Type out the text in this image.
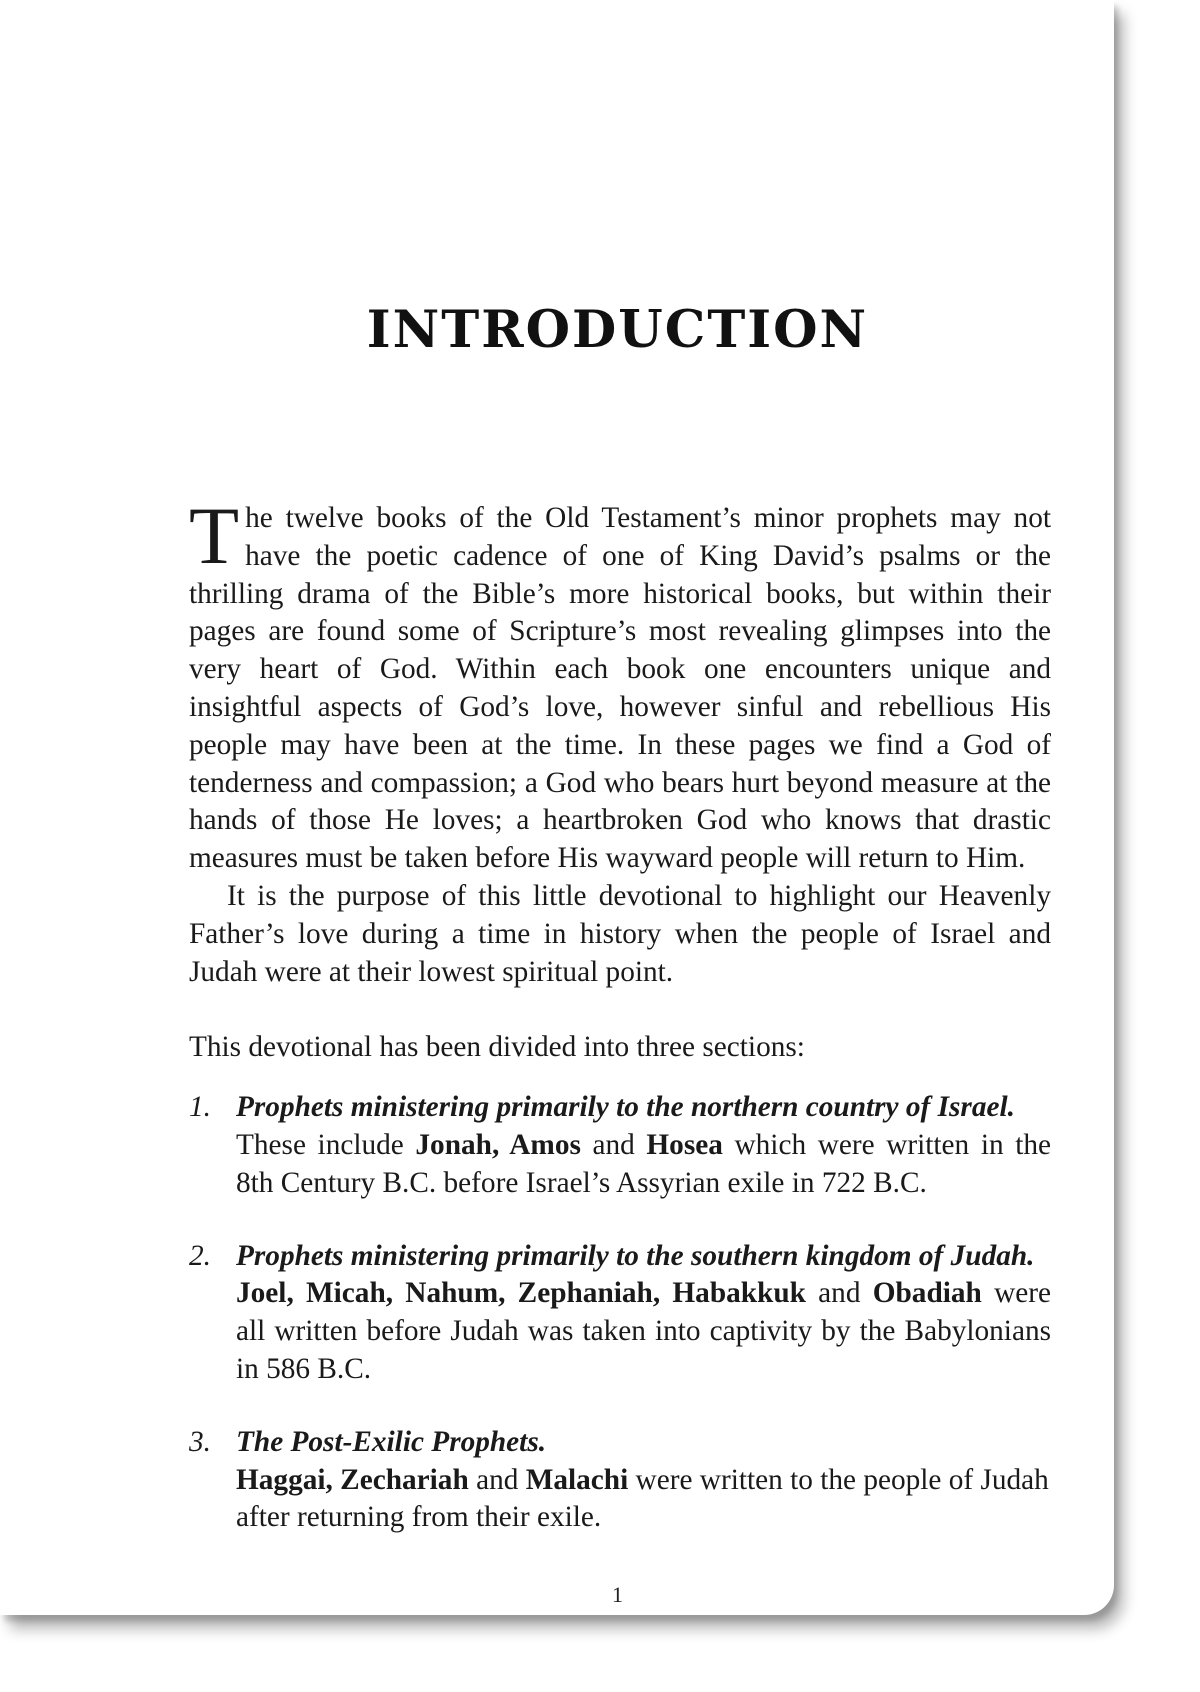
INTRODUCTION

The twelve books of the Old Testament’s minor prophets may not have the poetic cadence of one of King David’s psalms or the thrilling drama of the Bible’s more historical books, but within their pages are found some of Scripture’s most revealing glimpses into the very heart of God. Within each book one encounters unique and insightful aspects of God’s love, however sinful and rebellious His people may have been at the time. In these pages we find a God of tenderness and compassion; a God who bears hurt beyond measure at the hands of those He loves; a heartbroken God who knows that drastic measures must be taken before His wayward people will return to Him.

It is the purpose of this little devotional to highlight our Heavenly Father’s love during a time in history when the people of Israel and Judah were at their lowest spiritual point.

This devotional has been divided into three sections:

1. Prophets ministering primarily to the northern country of Israel.
These include Jonah, Amos and Hosea which were written in the 8th Century B.C. before Israel’s Assyrian exile in 722 B.C.
2. Prophets ministering primarily to the southern kingdom of Judah.
Joel, Micah, Nahum, Zephaniah, Habakkuk and Obadiah were all written before Judah was taken into captivity by the Babylonians in 586 B.C.
3. The Post-Exilic Prophets.
Haggai, Zechariah and Malachi were written to the people of Judah after returning from their exile.
1
